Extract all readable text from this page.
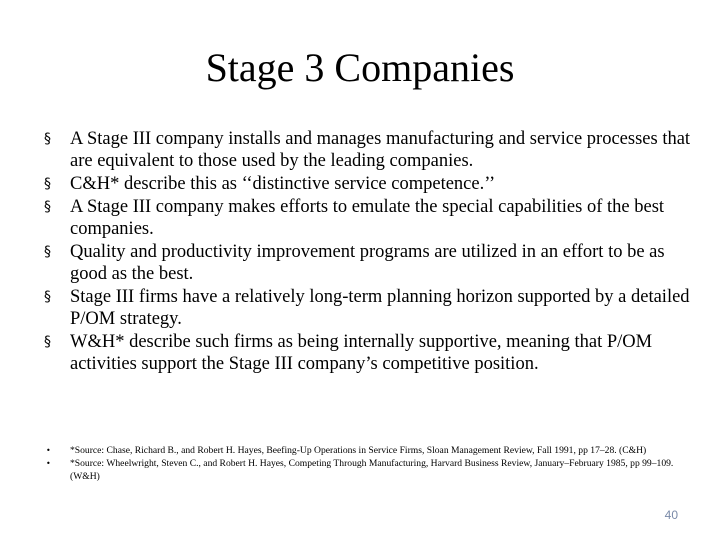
Stage 3 Companies
§ A Stage III company installs and manages manufacturing and service processes that are equivalent to those used by the leading companies.
§ C&H* describe this as ‘‘distinctive service competence.’’
§ A Stage III company makes efforts to emulate the special capabilities of the best companies.
§ Quality and productivity improvement programs are utilized in an effort to be as good as the best.
§ Stage III firms have a relatively long-term planning horizon supported by a detailed P/OM strategy.
§ W&H* describe such firms as being internally supportive, meaning that P/OM activities support the Stage III company’s competitive position.
• *Source: Chase, Richard B., and Robert H. Hayes, Beefing-Up Operations in Service Firms, Sloan Management Review, Fall 1991, pp 17–28. (C&H)
• *Source: Wheelwright, Steven C., and Robert H. Hayes, Competing Through Manufacturing, Harvard Business Review, January–February 1985, pp 99–109. (W&H)
40
